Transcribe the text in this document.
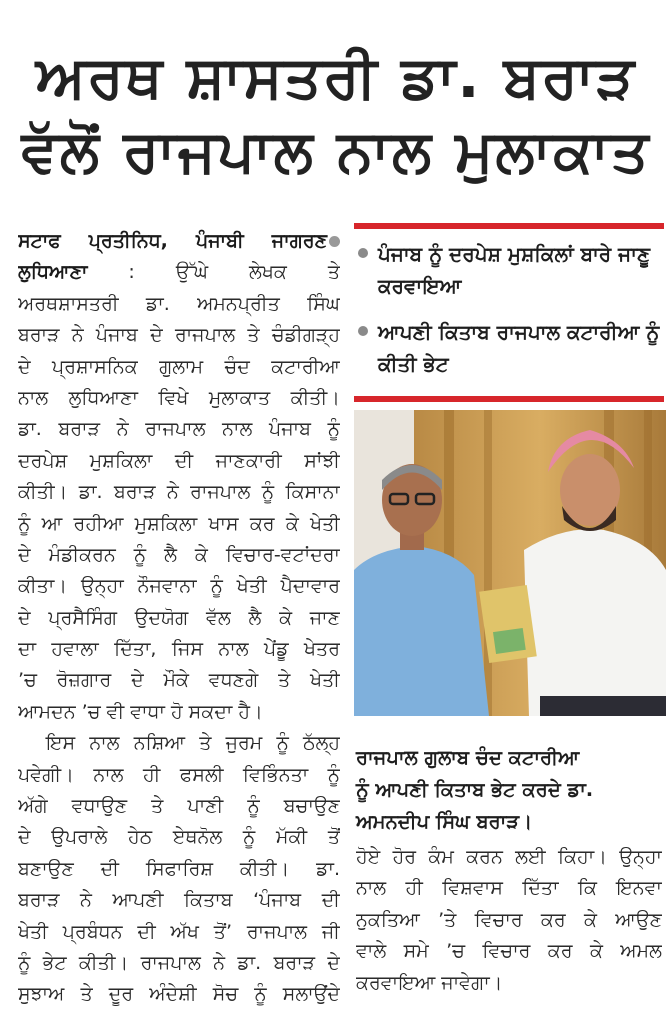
ਅਰਥ ਸ਼ਾਸਤਰੀ ਡਾ. ਬਰਾੜ
ਵੱਲੋਂ ਰਾਜਪਾਲ ਨਾਲ ਮੁਲਾਕਾਤ
ਸਟਾਫ ਪ੍ਰਤੀਨਿਧ, ਪੰਜਾਬੀ ਜਾਗਰਣ
ਲੁਧਿਆਣਾ : ਉੱਘੇ ਲੇਖਕ ਤੇ
ਅਰਥਸ਼ਾਸਤਰੀ ਡਾ. ਅਮਨਪ੍ਰੀਤ ਸਿੰਘ
ਬਰਾੜ ਨੇ ਪੰਜਾਬ ਦੇ ਰਾਜਪਾਲ ਤੇ ਚੰਡੀਗੜ੍ਹ
ਦੇ ਪ੍ਰਸ਼ਾਸਨਿਕ ਗੁਲਾਮ ਚੰਦ ਕਟਾਰੀਆ
ਨਾਲ ਲੁਧਿਆਣਾ ਵਿਖੇ ਮੁਲਾਕਾਤ ਕੀਤੀ।
ਡਾ. ਬਰਾੜ ਨੇ ਰਾਜਪਾਲ ਨਾਲ ਪੰਜਾਬ ਨੂੰ
ਦਰਪੇਸ਼ ਮੁਸ਼ਕਿਲਾ ਦੀ ਜਾਣਕਾਰੀ ਸਾਂਝੀ
ਕੀਤੀ। ਡਾ. ਬਰਾੜ ਨੇ ਰਾਜਪਾਲ ਨੂੰ ਕਿਸਾਨਾ
ਨੂੰ ਆ ਰਹੀਆ ਮੁਸ਼ਕਿਲਾ ਖਾਸ ਕਰ ਕੇ ਖੇਤੀ
ਦੇ ਮੰਡੀਕਰਨ ਨੂੰ ਲੈ ਕੇ ਵਿਚਾਰ-ਵਟਾਂਦਰਾ
ਕੀਤਾ। ਉਨ੍ਹਾ ਨੌਜਵਾਨਾ ਨੂੰ ਖੇਤੀ ਪੈਦਾਵਾਰ
ਦੇ ਪ੍ਰਸੈਸਿੰਗ ਉਦਯੋਗ ਵੱਲ ਲੈ ਕੇ ਜਾਣ
ਦਾ ਹਵਾਲਾ ਦਿੱਤਾ, ਜਿਸ ਨਾਲ ਪੇਂਡੂ ਖੇਤਰ
’ਚ ਰੋਜ਼ਗਾਰ ਦੇ ਮੌਕੇ ਵਧਣਗੇ ਤੇ ਖੇਤੀ
ਆਮਦਨ ’ਚ ਵੀ ਵਾਧਾ ਹੋ ਸਕਦਾ ਹੈ।
ਇਸ ਨਾਲ ਨਸ਼ਿਆ ਤੇ ਜੁਰਮ ਨੂੰ ਠੱਲ੍ਹ
ਪਵੇਗੀ। ਨਾਲ ਹੀ ਫਸਲੀ ਵਿਭਿੰਨਤਾ ਨੂੰ
ਅੱਗੇ ਵਧਾਉਣ ਤੇ ਪਾਣੀ ਨੂੰ ਬਚਾਉਣ
ਦੇ ਉਪਰਾਲੇ ਹੇਠ ਏਥਨੋਲ ਨੂੰ ਮੱਕੀ ਤੋਂ
ਬਣਾਉਣ ਦੀ ਸਿਫਾਰਿਸ਼ ਕੀਤੀ। ਡਾ.
ਬਰਾੜ ਨੇ ਆਪਣੀ ਕਿਤਾਬ ‘ਪੰਜਾਬ ਦੀ
ਖੇਤੀ ਪ੍ਰਬੰਧਨ ਦੀ ਅੱਖ ਤੋਂ’ ਰਾਜਪਾਲ ਜੀ
ਨੂੰ ਭੇਟ ਕੀਤੀ। ਰਾਜਪਾਲ ਨੇ ਡਾ. ਬਰਾੜ ਦੇ
ਸੁਝਾਅ ਤੇ ਦੂਰ ਅੰਦੇਸ਼ੀ ਸੋਚ ਨੂੰ ਸਲਾਉਂਦੇ
ਪੰਜਾਬ ਨੂੰ ਦਰਪੇਸ਼ ਮੁਸ਼ਕਿਲਾਂ ਬਾਰੇ ਜਾਣੂ ਕਰਵਾਇਆ
ਆਪਣੀ ਕਿਤਾਬ ਰਾਜਪਾਲ ਕਟਾਰੀਆ ਨੂੰ ਕੀਤੀ ਭੇਟ
ਰਾਜਪਾਲ ਗੁਲਾਬ ਚੰਦ ਕਟਾਰੀਆ
ਨੂੰ ਆਪਣੀ ਕਿਤਾਬ ਭੇਟ ਕਰਦੇ ਡਾ.
ਅਮਨਦੀਪ ਸਿੰਘ ਬਰਾੜ।
ਹੋਏ ਹੋਰ ਕੰਮ ਕਰਨ ਲਈ ਕਿਹਾ। ਉਨ੍ਹਾ
ਨਾਲ ਹੀ ਵਿਸ਼ਵਾਸ ਦਿੱਤਾ ਕਿ ਇਨਵਾ
ਨੁਕਤਿਆ ’ਤੇ ਵਿਚਾਰ ਕਰ ਕੇ ਆਉਣ
ਵਾਲੇ ਸਮੇ ’ਚ ਵਿਚਾਰ ਕਰ ਕੇ ਅਮਲ
ਕਰਵਾਇਆ ਜਾਵੇਗਾ।
